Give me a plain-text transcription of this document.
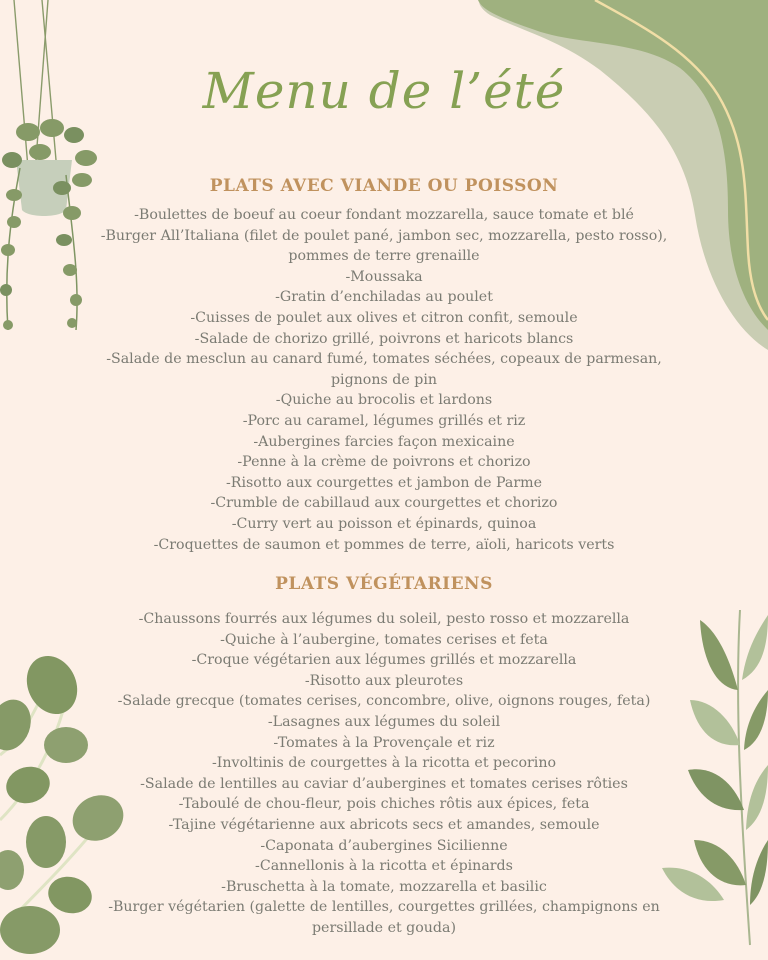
Menu de l’été
PLATS AVEC VIANDE OU POISSON
-Boulettes de boeuf au coeur fondant mozzarella, sauce tomate et blé
-Burger All’Italiana (filet de poulet pané, jambon sec, mozzarella, pesto rosso), pommes de terre grenaille
-Moussaka
-Gratin d’enchiladas au poulet
-Cuisses de poulet aux olives et citron confit, semoule
-Salade de chorizo grillé, poivrons et haricots blancs
-Salade de mesclun au canard fumé, tomates séchées, copeaux de parmesan, pignons de pin
-Quiche au brocolis et lardons
-Porc au caramel, légumes grillés et riz
-Aubergines farcies façon mexicaine
-Penne à la crème de poivrons et chorizo
-Risotto aux courgettes et jambon de Parme
-Crumble de cabillaud aux courgettes et chorizo
-Curry vert au poisson et épinards, quinoa
-Croquettes de saumon et pommes de terre, aïoli, haricots verts
PLATS VÉGÉTARIENS
-Chaussons fourrés aux légumes du soleil, pesto rosso et mozzarella
-Quiche à l’aubergine, tomates cerises et feta
-Croque végétarien aux légumes grillés et mozzarella
-Risotto aux pleurotes
-Salade grecque (tomates cerises, concombre, olive, oignons rouges, feta)
-Lasagnes aux légumes du soleil
-Tomates à la Provençale et riz
-Involtinis de courgettes à la ricotta et pecorino
-Salade de lentilles au caviar d’aubergines et tomates cerises rôties
-Taboulé de chou-fleur, pois chiches rôtis aux épices, feta
-Tajine végétarienne aux abricots secs et amandes, semoule
-Caponata d’aubergines Sicilienne
-Cannellonis à la ricotta et épinards
-Bruschetta à la tomate, mozzarella et basilic
-Burger végétarien (galette de lentilles, courgettes grillées, champignons en persillade et gouda)
